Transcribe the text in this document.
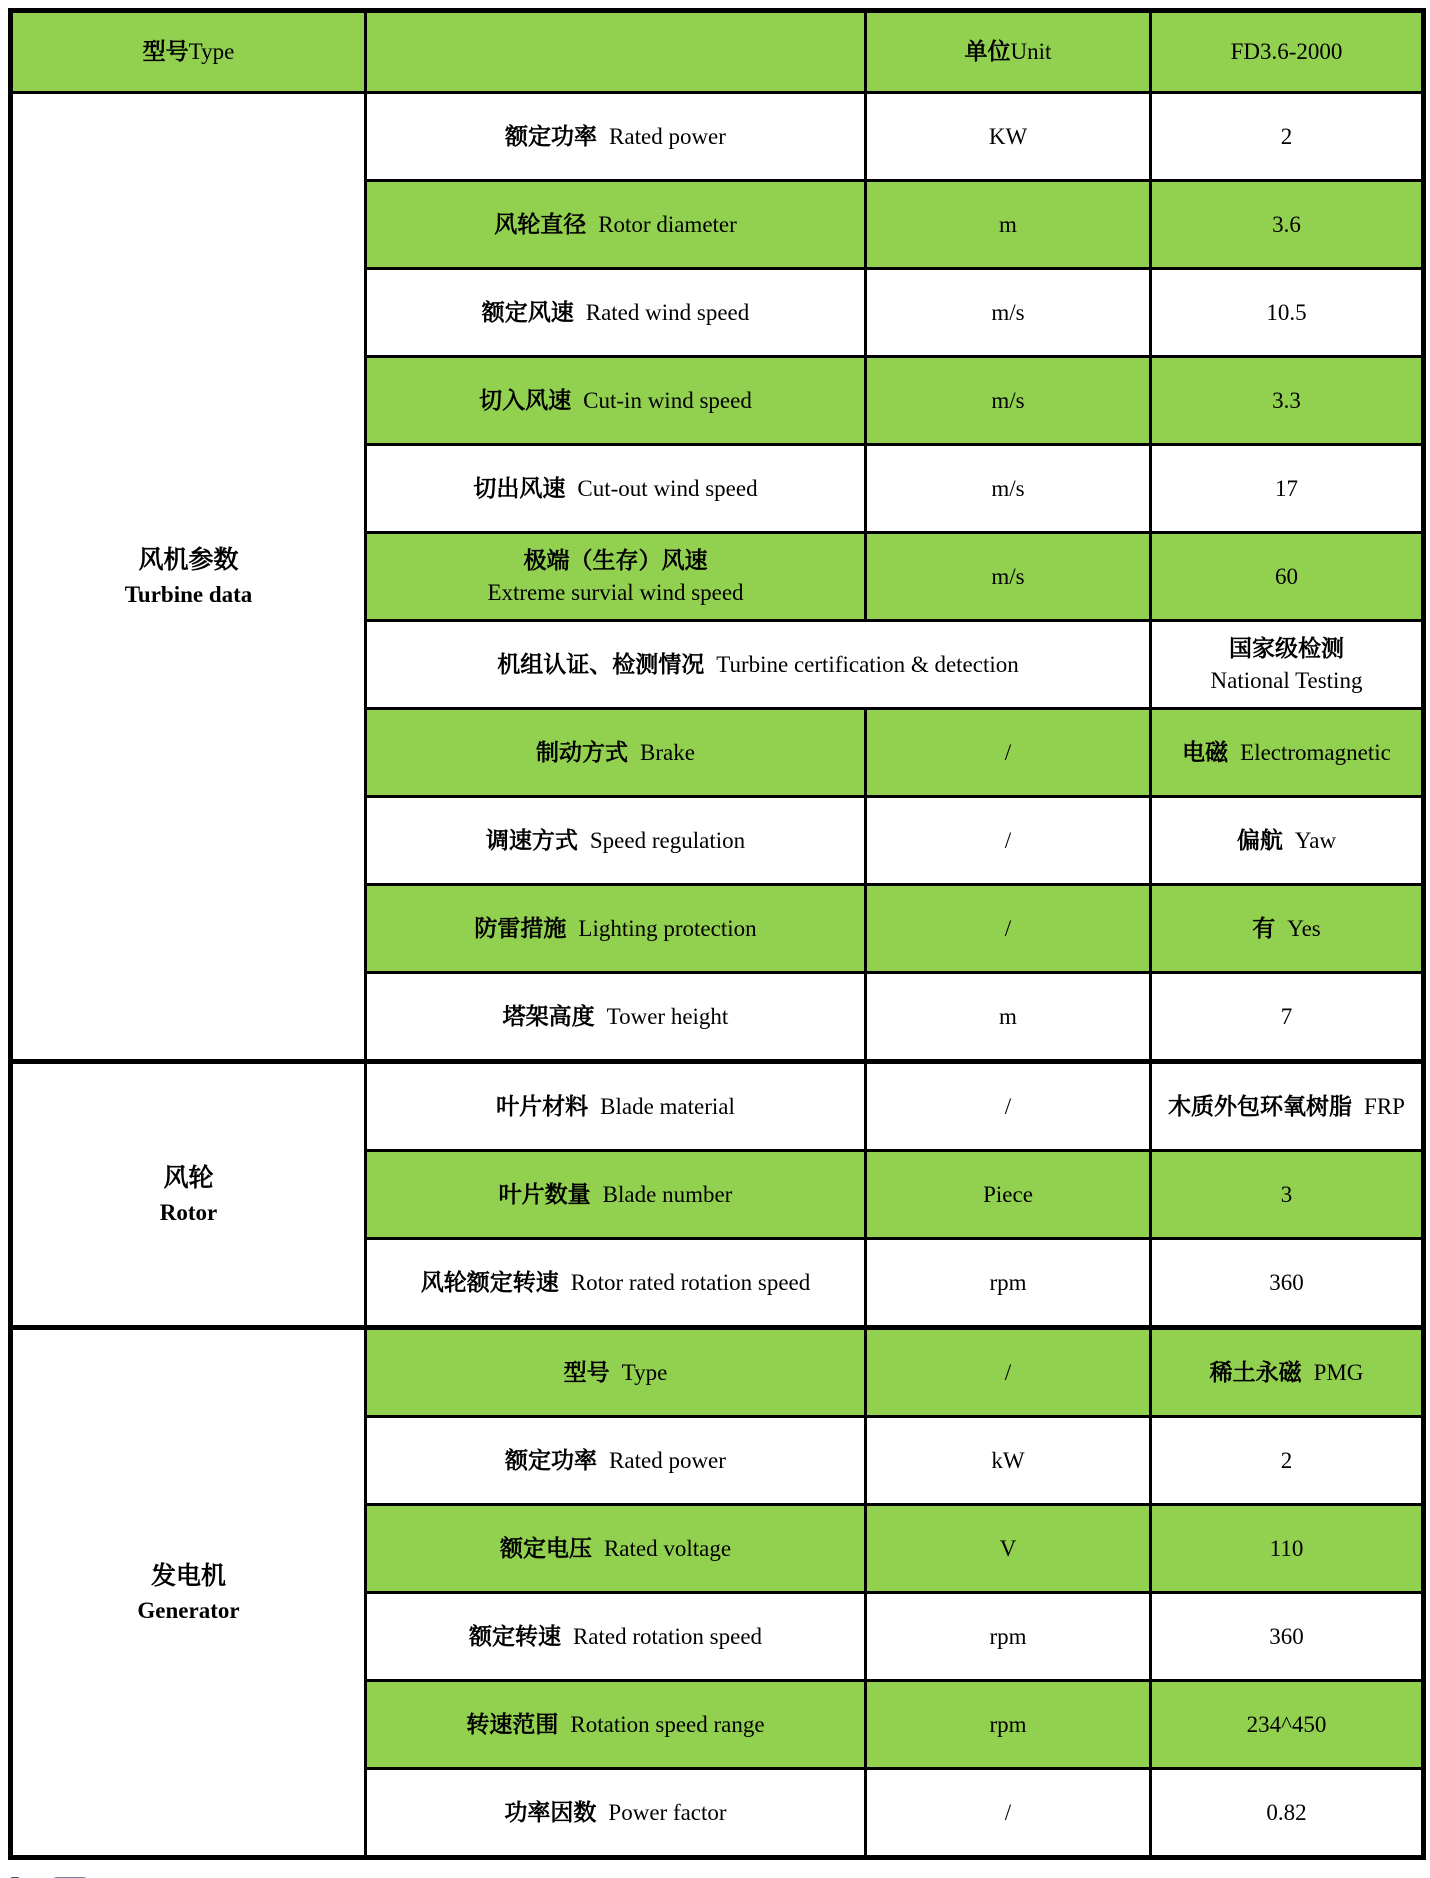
型号Type		单位Unit	FD3.6-2000

风机参数
Turbine data	额定功率 Rated power	KW	2
	风轮直径 Rotor diameter	m	3.6
	额定风速 Rated wind speed	m/s	10.5
	切入风速 Cut-in wind speed	m/s	3.3
	切出风速 Cut-out wind speed	m/s	17

	极端（生存）风速
Extreme survial wind speed	m/s	60
	机组认证、检测情况 Turbine certification & detection		国家级检测
National Testing

	制动方式 Brake	/	电磁 Electromagnetic
	调速方式 Speed regulation	/	偏航 Yaw
	防雷措施 Lighting protection	/	有 Yes
	塔架高度 Tower height	m	7

风轮
Rotor	叶片材料 Blade material	/	木质外包环氧树脂 FRP
	叶片数量 Blade number	Piece	3
	风轮额定转速 Rotor rated rotation speed	rpm	360

发电机
Generator	型号 Type	/	稀土永磁 PMG
	额定功率 Rated power	kW	2
	额定电压 Rated voltage	V	110
	额定转速 Rated rotation speed	rpm	360
	转速范围 Rotation speed range	rpm	234^450
	功率因数 Power factor	/	0.82
